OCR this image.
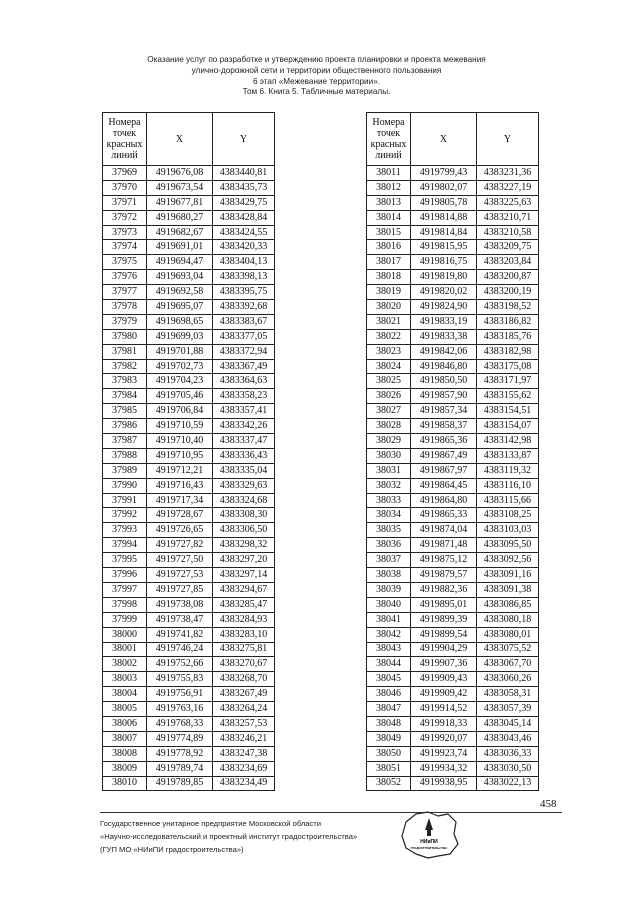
Оказание услуг по разработке и утверждению проекта планировки и проекта межевания
улично-дорожной сети и территории общественного пользования
6 этап «Межевание территории».
Том 6. Книга 5. Табличные материалы.
Номера точек красных линий	X	Y
37969	4919676,08	4383440,81
37970	4919673,54	4383435,73
37971	4919677,81	4383429,75
37972	4919680,27	4383428,84
37973	4919682,67	4383424,55
37974	4919691,01	4383420,33
37975	4919694,47	4383404,13
37976	4919693,04	4383398,13
37977	4919692,58	4383395,75
37978	4919695,07	4383392,68
37979	4919698,65	4383383,67
37980	4919699,03	4383377,05
37981	4919701,88	4383372,94
37982	4919702,73	4383367,49
37983	4919704,23	4383364,63
37984	4919705,46	4383358,23
37985	4919706,84	4383357,41
37986	4919710,59	4383342,26
37987	4919710,40	4383337,47
37988	4919710,95	4383336,43
37989	4919712,21	4383335,04
37990	4919716,43	4383329,63
37991	4919717,34	4383324,68
37992	4919728,67	4383308,30
37993	4919726,65	4383306,50
37994	4919727,82	4383298,32
37995	4919727,50	4383297,20
37996	4919727,53	4383297,14
37997	4919727,85	4383294,67
37998	4919738,08	4383285,47
37999	4919738,47	4383284,93
38000	4919741,82	4383283,10
38001	4919746,24	4383275,81
38002	4919752,66	4383270,67
38003	4919755,83	4383268,70
38004	4919756,91	4383267,49
38005	4919763,16	4383264,24
38006	4919768,33	4383257,53
38007	4919774,89	4383246,21
38008	4919778,92	4383247,38
38009	4919789,74	4383234,69
38010	4919789,85	4383234,49
Номера точек красных линий	X	Y
38011	4919799,43	4383231,36
38012	4919802,07	4383227,19
38013	4919805,78	4383225,63
38014	4919814,88	4383210,71
38015	4919814,84	4383210,58
38016	4919815,95	4383209,75
38017	4919816,75	4383203,84
38018	4919819,80	4383200,87
38019	4919820,02	4383200,19
38020	4919824,90	4383198,52
38021	4919833,19	4383186,82
38022	4919833,38	4383185,76
38023	4919842,06	4383182,98
38024	4919846,80	4383175,08
38025	4919850,50	4383171,97
38026	4919857,90	4383155,62
38027	4919857,34	4383154,51
38028	4919858,37	4383154,07
38029	4919865,36	4383142,98
38030	4919867,49	4383133,87
38031	4919867,97	4383119,32
38032	4919864,45	4383116,10
38033	4919864,80	4383115,66
38034	4919865,33	4383108,25
38035	4919874,04	4383103,03
38036	4919871,48	4383095,50
38037	4919875,12	4383092,56
38038	4919879,57	4383091,16
38039	4919882,36	4383091,38
38040	4919895,01	4383086,85
38041	4919899,39	4383080,18
38042	4919899,54	4383080,01
38043	4919904,29	4383075,52
38044	4919907,36	4383067,70
38045	4919909,43	4383060,26
38046	4919909,42	4383058,31
38047	4919914,52	4383057,39
38048	4919918,33	4383045,14
38049	4919920,07	4383043,46
38050	4919923,74	4383036,33
38051	4919934,32	4383030,50
38052	4919938,95	4383022,13
458
Государственное унитарное предприятие Московской области
«Научно-исследовательский и проектный институт градостроительства»
(ГУП МО «НИиПИ градостроительства»)
НИиПИ
ГРАДОСТРОИТЕЛЬСТВА
